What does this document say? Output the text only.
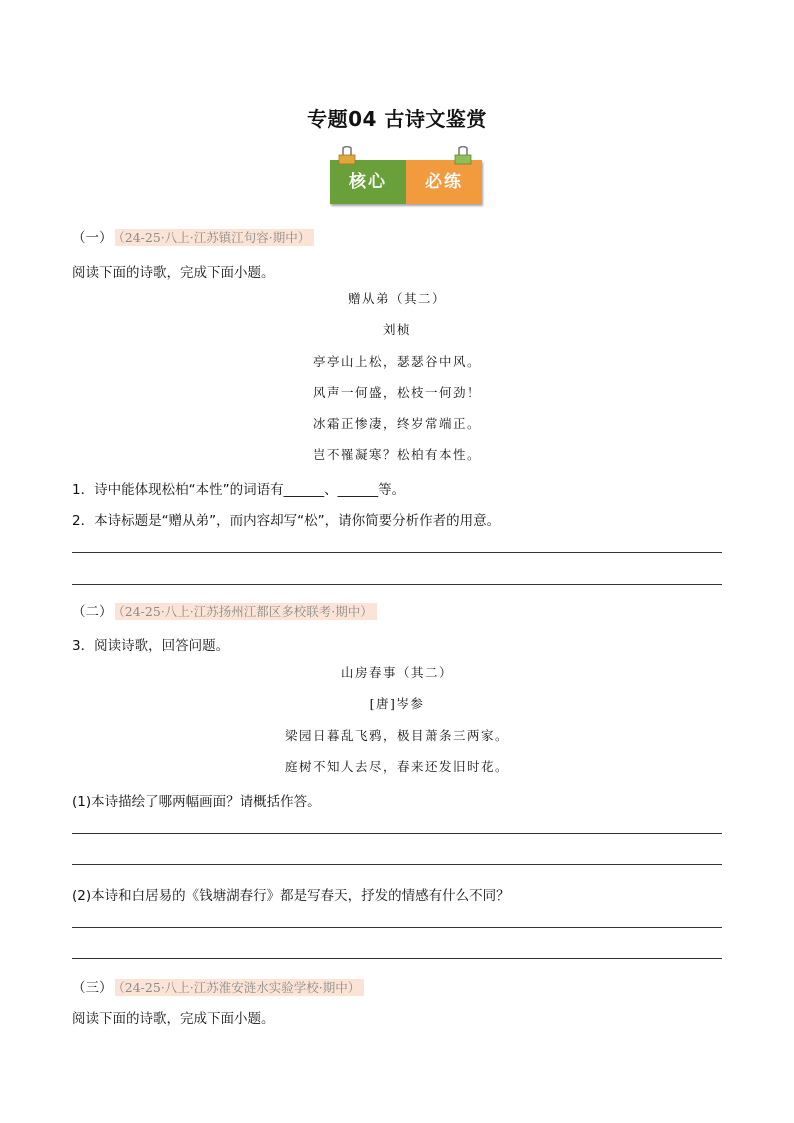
专题04 古诗文鉴赏
核心	必练
（一） （24-25·八上·江苏镇江句容·期中）
阅读下面的诗歌，完成下面小题。
赠从弟（其二）
刘桢
亭亭山上松，瑟瑟谷中风。
风声一何盛，松枝一何劲！
冰霜正惨凄，终岁常端正。
岂不罹凝寒？松柏有本性。
1．诗中能体现松柏“本性”的词语有______、______等。
2．本诗标题是“赠从弟”，而内容却写“松”，请你简要分析作者的用意。
（二） （24-25·八上·江苏扬州江都区多校联考·期中）
3．阅读诗歌，回答问题。
山房春事（其二）
[唐]岑参
梁园日暮乱飞鸦，极目萧条三两家。
庭树不知人去尽，春来还发旧时花。
(1)本诗描绘了哪两幅画面？请概括作答。
(2)本诗和白居易的《钱塘湖春行》都是写春天，抒发的情感有什么不同？
（三） （24-25·八上·江苏淮安涟水实验学校·期中）
阅读下面的诗歌，完成下面小题。
